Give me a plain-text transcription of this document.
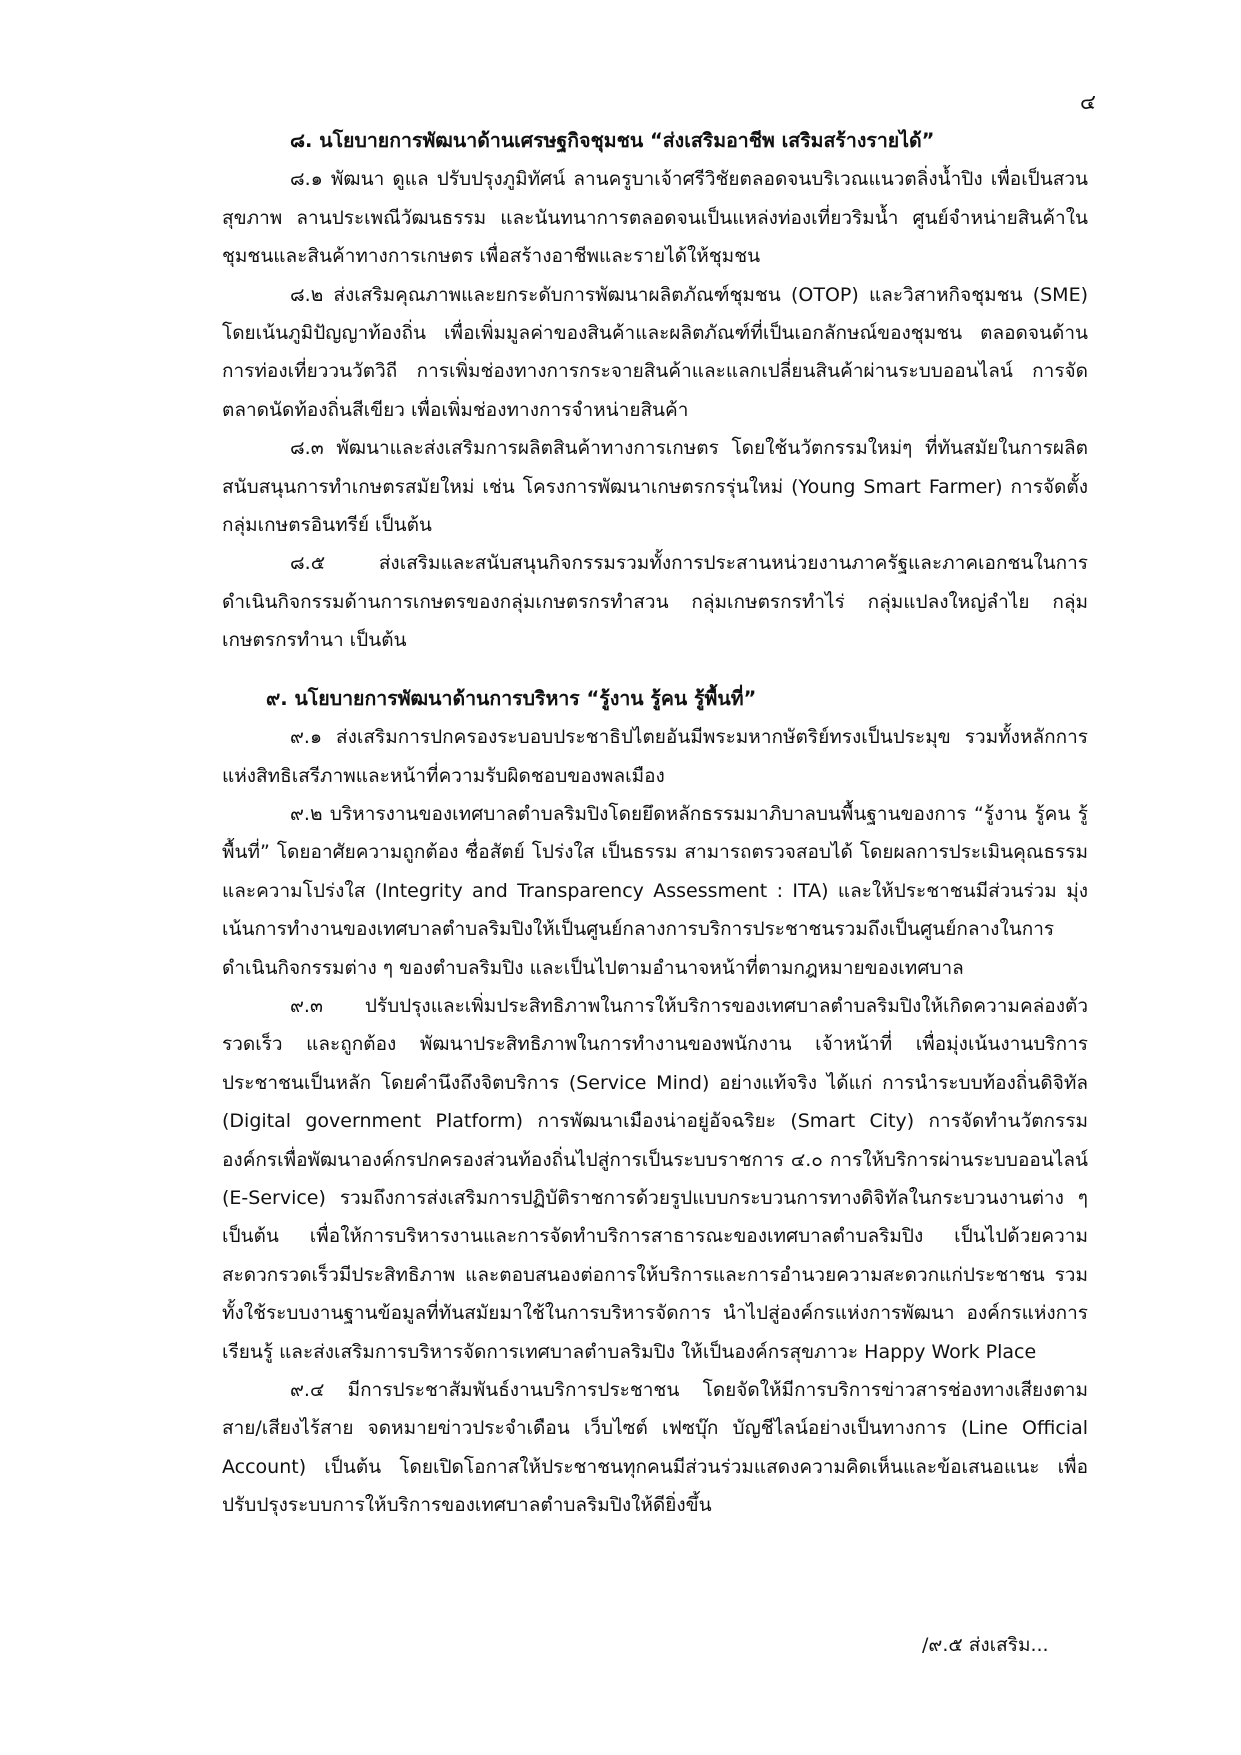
๔
๘. นโยบายการพัฒนาด้านเศรษฐกิจชุมชน “ส่งเสริมอาชีพ เสริมสร้างรายได้”

๘.๑ พัฒนา ดูแล ปรับปรุงภูมิทัศน์ ลานครูบาเจ้าศรีวิชัยตลอดจนบริเวณแนวตลิ่งน้ำปิง เพื่อเป็นสวนสุขภาพ ลานประเพณีวัฒนธรรม และนันทนาการตลอดจนเป็นแหล่งท่องเที่ยวริมน้ำ ศูนย์จำหน่ายสินค้าในชุมชนและสินค้าทางการเกษตร เพื่อสร้างอาชีพและรายได้ให้ชุมชน

๘.๒ ส่งเสริมคุณภาพและยกระดับการพัฒนาผลิตภัณฑ์ชุมชน (OTOP) และวิสาหกิจชุมชน (SME) โดยเน้นภูมิปัญญาท้องถิ่น เพื่อเพิ่มมูลค่าของสินค้าและผลิตภัณฑ์ที่เป็นเอกลักษณ์ของชุมชน ตลอดจนด้านการท่องเที่ยววนวัตวิถี การเพิ่มช่องทางการกระจายสินค้าและแลกเปลี่ยนสินค้าผ่านระบบออนไลน์ การจัดตลาดนัดท้องถิ่นสีเขียว เพื่อเพิ่มช่องทางการจำหน่ายสินค้า

๘.๓ พัฒนาและส่งเสริมการผลิตสินค้าทางการเกษตร โดยใช้นวัตกรรมใหม่ๆ ที่ทันสมัยในการผลิต สนับสนุนการทำเกษตรสมัยใหม่ เช่น โครงการพัฒนาเกษตรกรรุ่นใหม่ (Young Smart Farmer) การจัดตั้งกลุ่มเกษตรอินทรีย์ เป็นต้น

๘.๕ ส่งเสริมและสนับสนุนกิจกรรมรวมทั้งการประสานหน่วยงานภาครัฐและภาคเอกชนในการดำเนินกิจกรรมด้านการเกษตรของกลุ่มเกษตรกรทำสวน กลุ่มเกษตรกรทำไร่ กลุ่มแปลงใหญ่ลำไย กลุ่มเกษตรกรทำนา เป็นต้น

๙. นโยบายการพัฒนาด้านการบริหาร “รู้งาน รู้คน รู้พื้นที่”

๙.๑ ส่งเสริมการปกครองระบอบประชาธิปไตยอันมีพระมหากษัตริย์ทรงเป็นประมุข รวมทั้งหลักการแห่งสิทธิเสรีภาพและหน้าที่ความรับผิดชอบของพลเมือง

๙.๒ บริหารงานของเทศบาลตำบลริมปิงโดยยึดหลักธรรมมาภิบาลบนพื้นฐานของการ “รู้งาน รู้คน รู้พื้นที่” โดยอาศัยความถูกต้อง ซื่อสัตย์ โปร่งใส เป็นธรรม สามารถตรวจสอบได้ โดยผลการประเมินคุณธรรมและความโปร่งใส (Integrity and Transparency Assessment : ITA) และให้ประชาชนมีส่วนร่วม มุ่งเน้นการทำงานของเทศบาลตำบลริมปิงให้เป็นศูนย์กลางการบริการประชาชนรวมถึงเป็นศูนย์กลางในการดำเนินกิจกรรมต่าง ๆ ของตำบลริมปิง และเป็นไปตามอำนาจหน้าที่ตามกฎหมายของเทศบาล

๙.๓ ปรับปรุงและเพิ่มประสิทธิภาพในการให้บริการของเทศบาลตำบลริมปิงให้เกิดความคล่องตัว รวดเร็ว และถูกต้อง พัฒนาประสิทธิภาพในการทำงานของพนักงาน เจ้าหน้าที่ เพื่อมุ่งเน้นงานบริการประชาชนเป็นหลัก โดยคำนึงถึงจิตบริการ (Service Mind) อย่างแท้จริง ได้แก่ การนำระบบท้องถิ่นดิจิทัล (Digital government Platform) การพัฒนาเมืองน่าอยู่อัจฉริยะ (Smart City) การจัดทำนวัตกรรมองค์กรเพื่อพัฒนาองค์กรปกครองส่วนท้องถิ่นไปสู่การเป็นระบบราชการ ๔.๐ การให้บริการผ่านระบบออนไลน์ (E-Service) รวมถึงการส่งเสริมการปฏิบัติราชการด้วยรูปแบบกระบวนการทางดิจิทัลในกระบวนงานต่าง ๆ เป็นต้น เพื่อให้การบริหารงานและการจัดทำบริการสาธารณะของเทศบาลตำบลริมปิง เป็นไปด้วยความสะดวกรวดเร็วมีประสิทธิภาพ และตอบสนองต่อการให้บริการและการอำนวยความสะดวกแก่ประชาชน รวมทั้งใช้ระบบงานฐานข้อมูลที่ทันสมัยมาใช้ในการบริหารจัดการ นำไปสู่องค์กรแห่งการพัฒนา องค์กรแห่งการเรียนรู้ และส่งเสริมการบริหารจัดการเทศบาลตำบลริมปิง ให้เป็นองค์กรสุขภาวะ Happy Work Place

๙.๔ มีการประชาสัมพันธ์งานบริการประชาชน โดยจัดให้มีการบริการข่าวสารช่องทางเสียงตามสาย/เสียงไร้สาย จดหมายข่าวประจำเดือน เว็บไซต์ เฟซบุ๊ก บัญชีไลน์อย่างเป็นทางการ (Line Official Account) เป็นต้น โดยเปิดโอกาสให้ประชาชนทุกคนมีส่วนร่วมแสดงความคิดเห็นและข้อเสนอแนะ เพื่อปรับปรุงระบบการให้บริการของเทศบาลตำบลริมปิงให้ดียิ่งขึ้น

/๙.๕ ส่งเสริม...
